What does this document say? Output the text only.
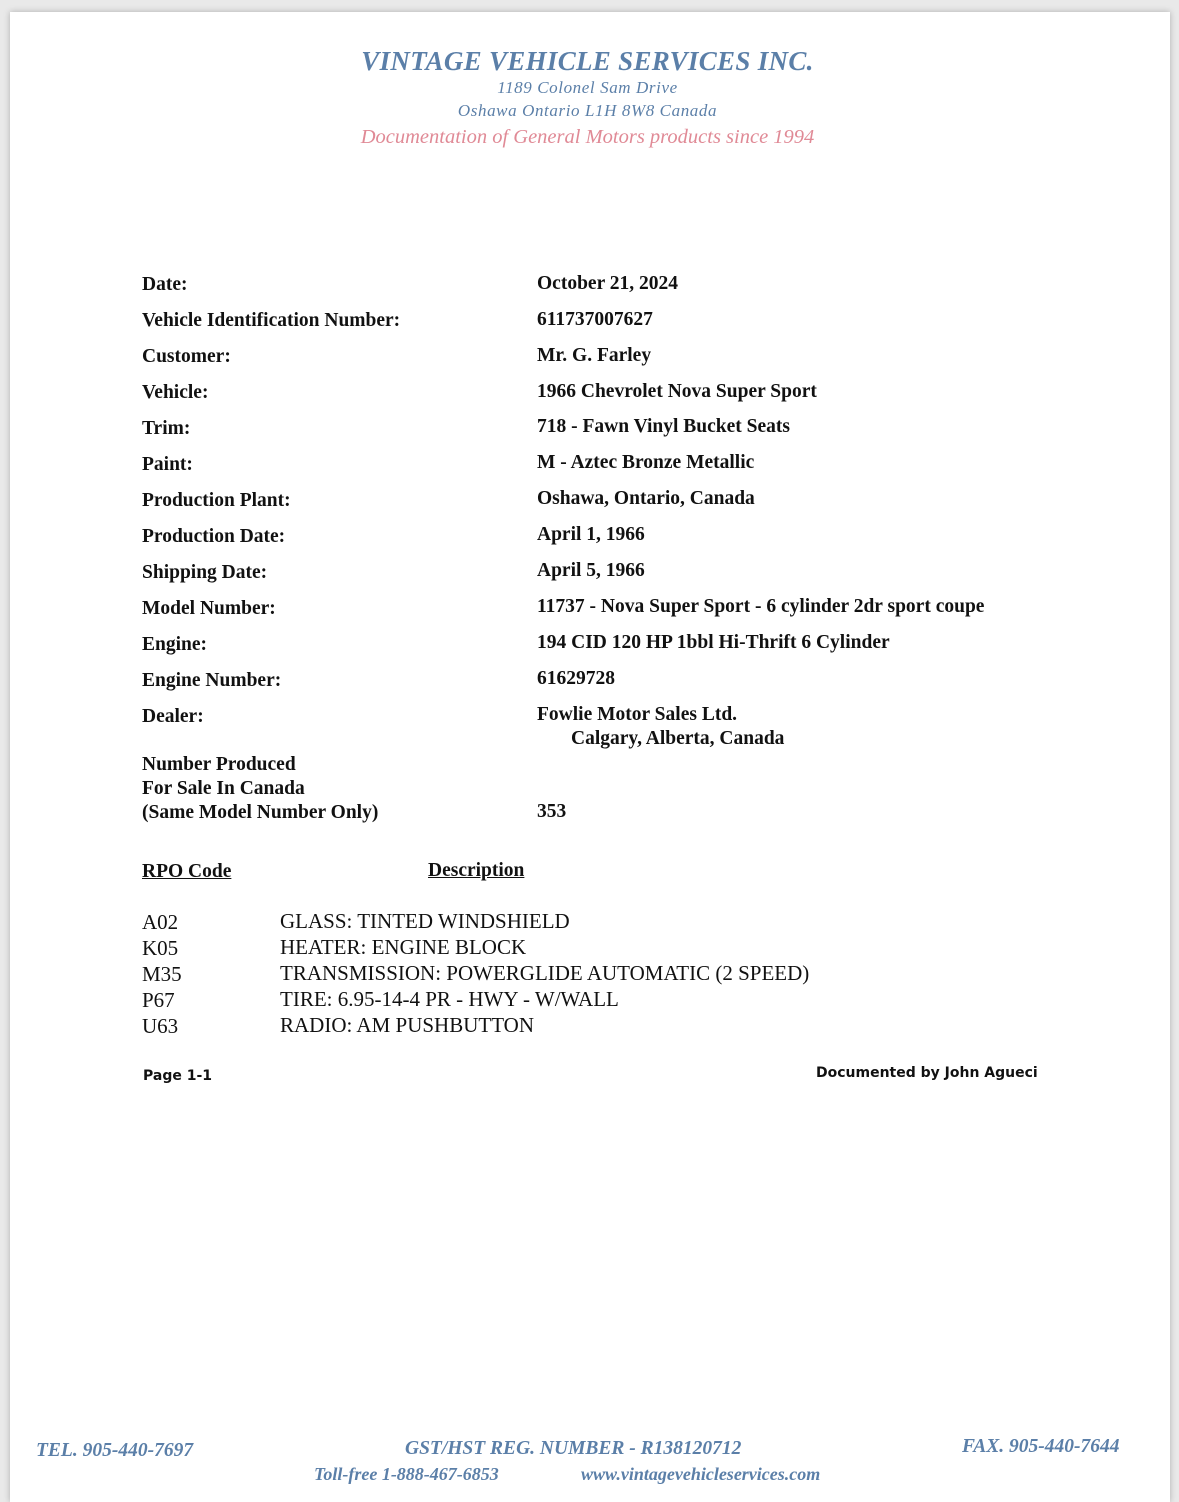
VINTAGE VEHICLE SERVICES INC.
1189 Colonel Sam Drive
Oshawa Ontario L1H 8W8 Canada
Documentation of General Motors products since 1994
Date:	October 21, 2024
Vehicle Identification Number:	611737007627
Customer:	Mr. G. Farley
Vehicle:	1966 Chevrolet Nova Super Sport
Trim:	718 - Fawn Vinyl Bucket Seats
Paint:	M - Aztec Bronze Metallic
Production Plant:	Oshawa, Ontario, Canada
Production Date:	April 1, 1966
Shipping Date:	April 5, 1966
Model Number:	11737 - Nova Super Sport - 6 cylinder 2dr sport coupe
Engine:	194 CID 120 HP 1bbl Hi-Thrift 6 Cylinder
Engine Number:	61629728
Dealer:	Fowlie Motor Sales Ltd.
Calgary, Alberta, Canada
Number Produced
For Sale In Canada
(Same Model Number Only)	353
RPO Code	Description
A02	GLASS: TINTED WINDSHIELD
K05	HEATER: ENGINE BLOCK
M35	TRANSMISSION: POWERGLIDE AUTOMATIC (2 SPEED)
P67	TIRE: 6.95-14-4 PR - HWY - W/WALL
U63	RADIO: AM PUSHBUTTON
Page 1-1	Documented by John Agueci
TEL. 905-440-7697	GST/HST REG. NUMBER - R138120712	FAX. 905-440-7644
Toll-free 1-888-467-6853	www.vintagevehicleservices.com
